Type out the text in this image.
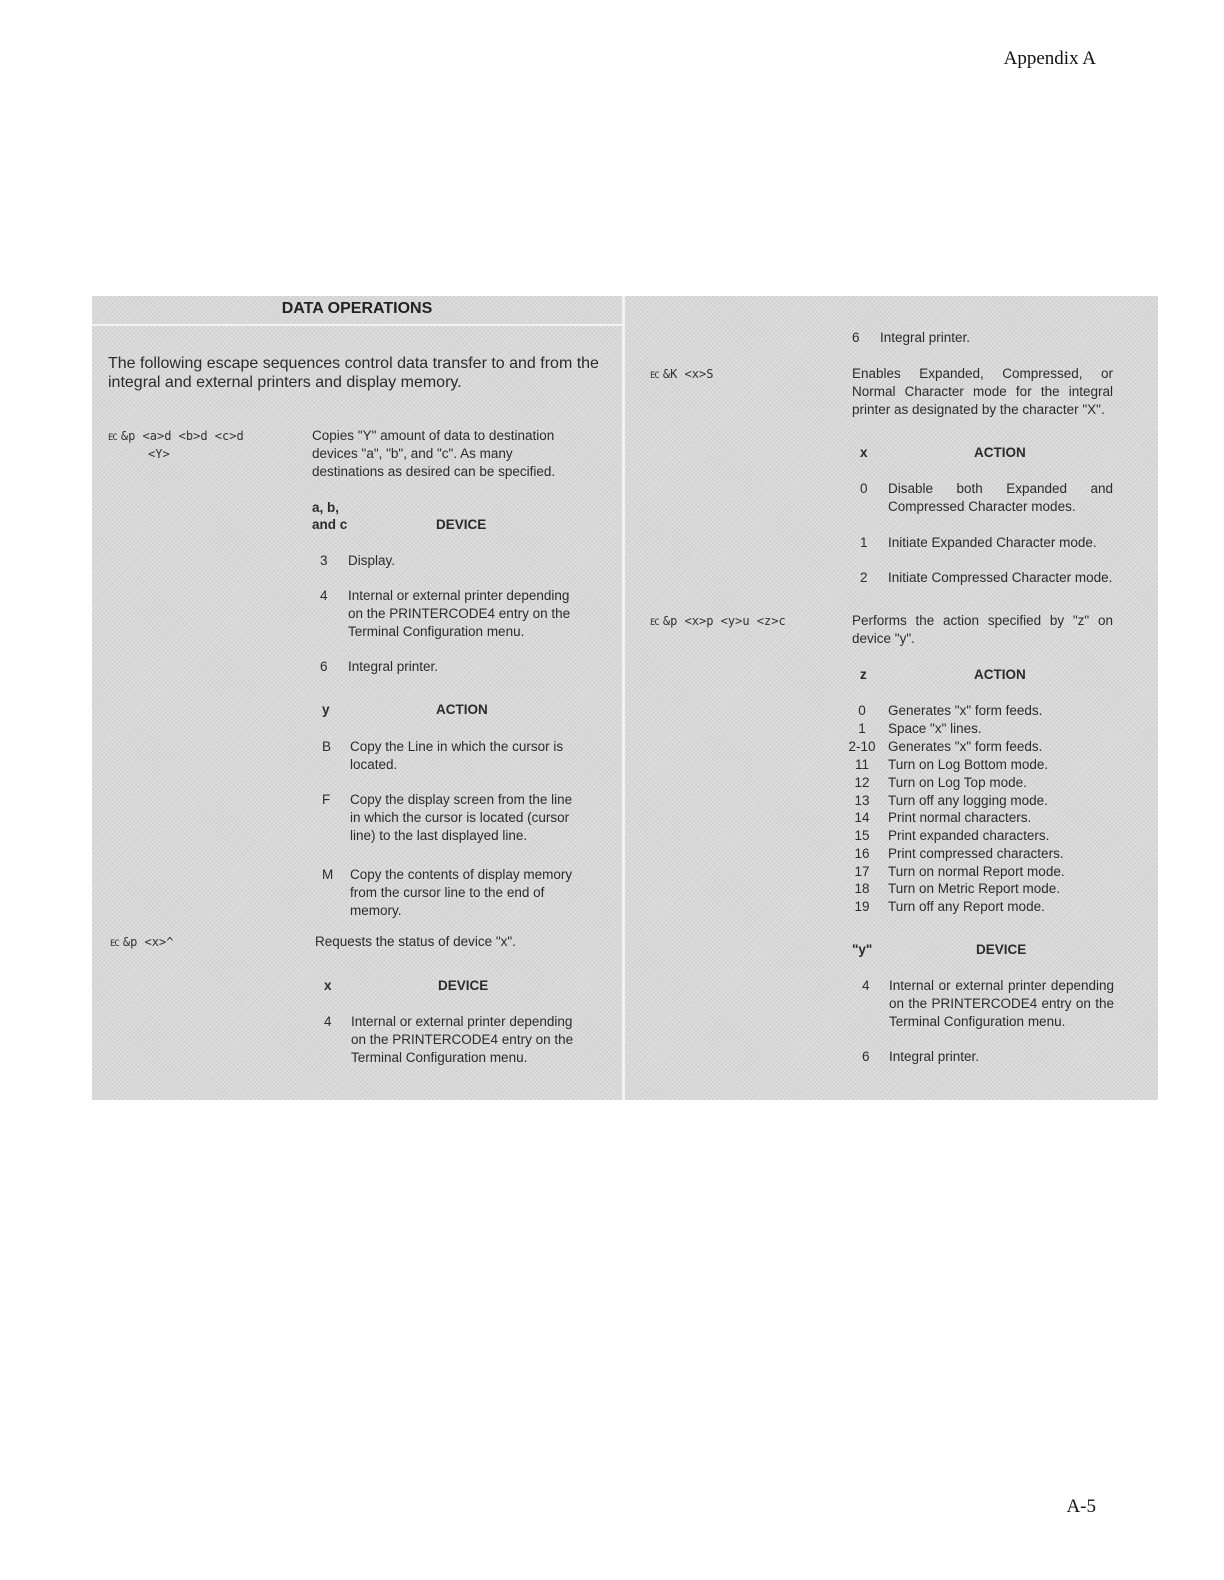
Appendix A
DATA OPERATIONS
The following escape sequences control data transfer to and from the integral and external printers and display memory.
EC &p <a>d <b>d <c>d
<Y>
Copies "Y" amount of data to destination devices "a", "b", and "c". As many destinations as desired can be specified.
a, b,
and c	DEVICE
3 Display.
4 Internal or external printer depending on the PRINTERCODE4 entry on the Terminal Configuration menu.
6 Integral printer.
y	ACTION
B Copy the Line in which the cursor is located.
F Copy the display screen from the line in which the cursor is located (cursor line) to the last displayed line.
M Copy the contents of display memory from the cursor line to the end of memory.
EC &p <x>^	Requests the status of device "x".
x	DEVICE
4 Internal or external printer depending on the PRINTERCODE4 entry on the Terminal Configuration menu.
6 Integral printer.
EC &K <x>S	Enables Expanded, Compressed, or Normal Character mode for the integral printer as designated by the character "X".
x	ACTION
0 Disable both Expanded and Compressed Character modes.
1 Initiate Expanded Character mode.
2 Initiate Compressed Character mode.
EC &p <x>p <y>u <z>c	Performs the action specified by "z" on device "y".
z	ACTION
0	Generates "x" form feeds.
1	Space "x" lines.
2-10 Generates "x" form feeds.
11	Turn on Log Bottom mode.
12	Turn on Log Top mode.
13	Turn off any logging mode.
14	Print normal characters.
15	Print expanded characters.
16	Print compressed characters.
17	Turn on normal Report mode.
18	Turn on Metric Report mode.
19	Turn off any Report mode.
"y"	DEVICE
4 Internal or external printer depending on the PRINTERCODE4 entry on the Terminal Configuration menu.
6 Integral printer.
A-5
